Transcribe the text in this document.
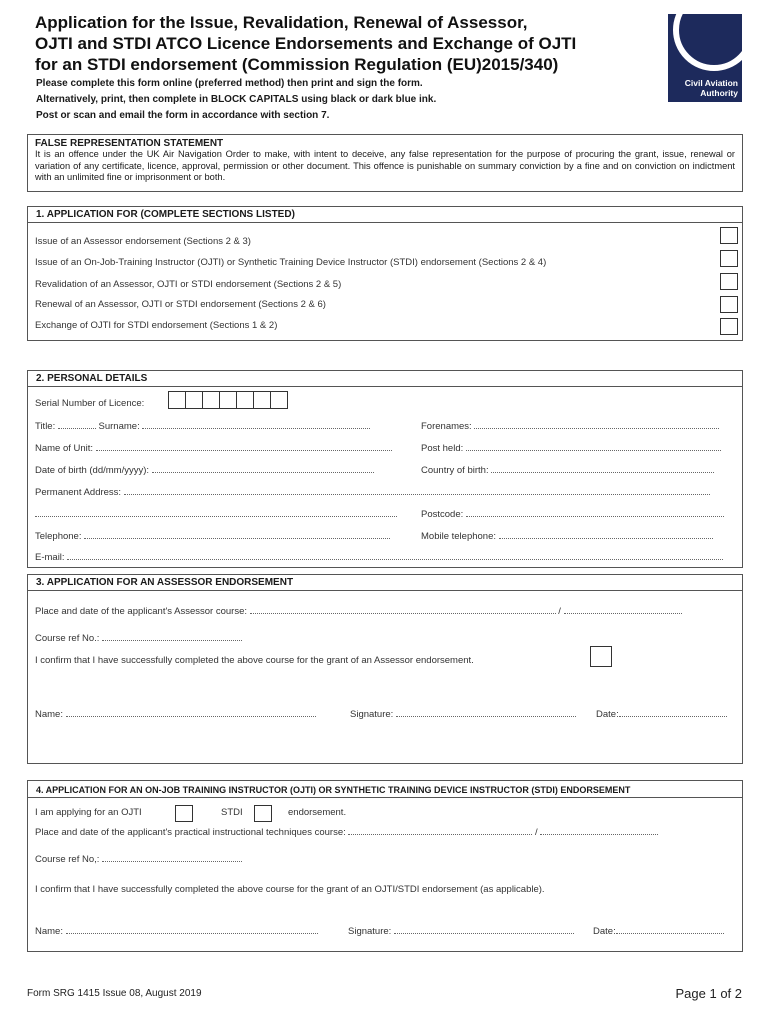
Application for the Issue, Revalidation, Renewal of Assessor,
OJTI and STDI ATCO Licence Endorsements and Exchange of OJTI
for an STDI endorsement (Commission Regulation (EU)2015/340)
Please complete this form online (preferred method) then print and sign the form.
Alternatively, print, then complete in BLOCK CAPITALS using black or dark blue ink.
Post or scan and email the form in accordance with section 7.
Civil Aviation
Authority
FALSE REPRESENTATION STATEMENT
It is an offence under the UK Air Navigation Order to make, with intent to deceive, any false representation for the purpose of procuring the grant, issue, renewal or variation of any certificate, licence, approval, permission or other document. This offence is punishable on summary conviction by a fine and on conviction on indictment with an unlimited fine or imprisonment or both.
1. APPLICATION FOR (COMPLETE SECTIONS LISTED)
Issue of an Assessor endorsement (Sections 2 & 3)
Issue of an On-Job-Training Instructor (OJTI) or Synthetic Training Device Instructor (STDI) endorsement (Sections 2 & 4)
Revalidation of an Assessor, OJTI or STDI endorsement (Sections 2 & 5)
Renewal of an Assessor, OJTI or STDI endorsement (Sections 2 & 6)
Exchange of OJTI for STDI endorsement (Sections 1 & 2)
2. PERSONAL DETAILS
Serial Number of Licence:
Title:	Surname:	Forenames:
Name of Unit:	Post held:
Date of birth (dd/mm/yyyy):	Country of birth:
Permanent Address:
Postcode:
Telephone:	Mobile telephone:
E-mail:
3. APPLICATION FOR AN ASSESSOR ENDORSEMENT
Place and date of the applicant's Assessor course:	/
Course ref No.:
I confirm that I have successfully completed the above course for the grant of an Assessor endorsement.
Name:	Signature:	Date:
4. APPLICATION FOR AN ON-JOB TRAINING INSTRUCTOR (OJTI) OR SYNTHETIC TRAINING DEVICE INSTRUCTOR (STDI) ENDORSEMENT
I am applying for an OJTI	STDI	endorsement.
Place and date of the applicant's practical instructional techniques course:	/
Course ref No,:
I confirm that I have successfully completed the above course for the grant of an OJTI/STDI endorsement (as applicable).
Name:	Signature:	Date:
Form SRG 1415 Issue 08, August 2019	Page 1 of 2
